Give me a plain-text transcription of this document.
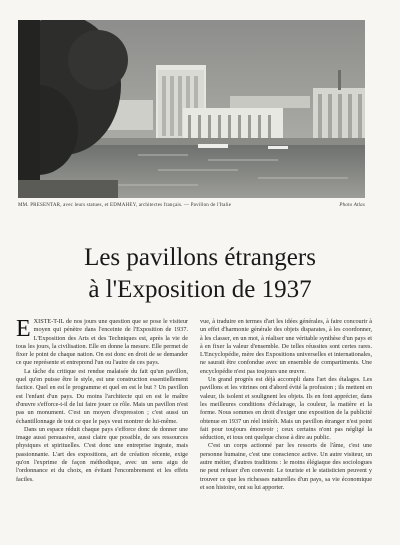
MM. PRESENTAR, avec leurs statues, et EDMAHEY, architectes français. — Pavillon de l'Italie	Photo Atlas
Les pavillons étrangers
à l'Exposition de 1937

EXISTE-T-IL de nos jours une question que se pose le visiteur moyen qui pénètre dans l'enceinte de l'Exposition de 1937. L'Exposition des Arts et des Techniques est, après la vie de tous les jours, la civilisation. Elle en donne la mesure. Elle permet de fixer le point de chaque nation. On est donc en droit de se demander ce que représente et entreprend l'un ou l'autre de ces pays.

La tâche du critique est rendue malaisée du fait qu'un pavillon, quel qu'en puisse être le style, est une construction essentiellement factice. Quel en est le programme et quel en est le but ? Un pavillon est l'enfant d'un pays. Du moins l'architecte qui en est le maître d'œuvre s'efforce-t-il de lui faire jouer ce rôle. Mais un pavillon n'est pas un monument. C'est un moyen d'expression ; c'est aussi un échantillonnage de tout ce que le pays veut montrer de lui-même.

Dans un espace réduit chaque pays s'efforce donc de donner une image aussi persuasive, aussi claire que possible, de ses ressources physiques et spirituelles. C'est donc une entreprise ingrate, mais passionnante. L'art des expositions, art de création récente, exige qu'on l'exprime de façon méthodique, avec un sens aigu de l'ordonnance et du choix, en évitant l'encombrement et les effets faciles.

vue, à traduire en termes d'art les idées générales, à faire concourir à un effet d'harmonie générale des objets disparates, à les coordonner, à les classer, en un mot, à réaliser une véritable synthèse d'un pays et à en fixer la valeur d'ensemble. De telles réussites sont certes rares. L'Encyclopédie, mère des Expositions universelles et internationales, ne saurait être confondue avec un ensemble de compartiments. Une encyclopédie n'est pas toujours une œuvre.

Un grand progrès est déjà accompli dans l'art des étalages. Les pavillons et les vitrines ont d'abord évité la profusion ; ils mettent en valeur, ils isolent et soulignent les objets. Ils en font apprécier, dans les meilleures conditions d'éclairage, la couleur, la matière et la forme. Nous sommes en droit d'exiger une exposition de la publicité obtenue en 1937 un réel intérêt. Mais un pavillon étranger n'est point fait pour toujours émouvoir ; ceux certains n'ont pas négligé la séduction, et tous ont quelque chose à dire au public.

C'est un corps actionné par les ressorts de l'âme, c'est une personne humaine, c'est une conscience active. Un autre visiteur, un autre métier, d'autres traditions : le moins élégiaque des sociologues ne peut refuser d'en convenir. Le touriste et le statisticien peuvent y trouver ce que les richesses naturelles d'un pays, sa vie économique et son histoire, ont su lui apporter.
